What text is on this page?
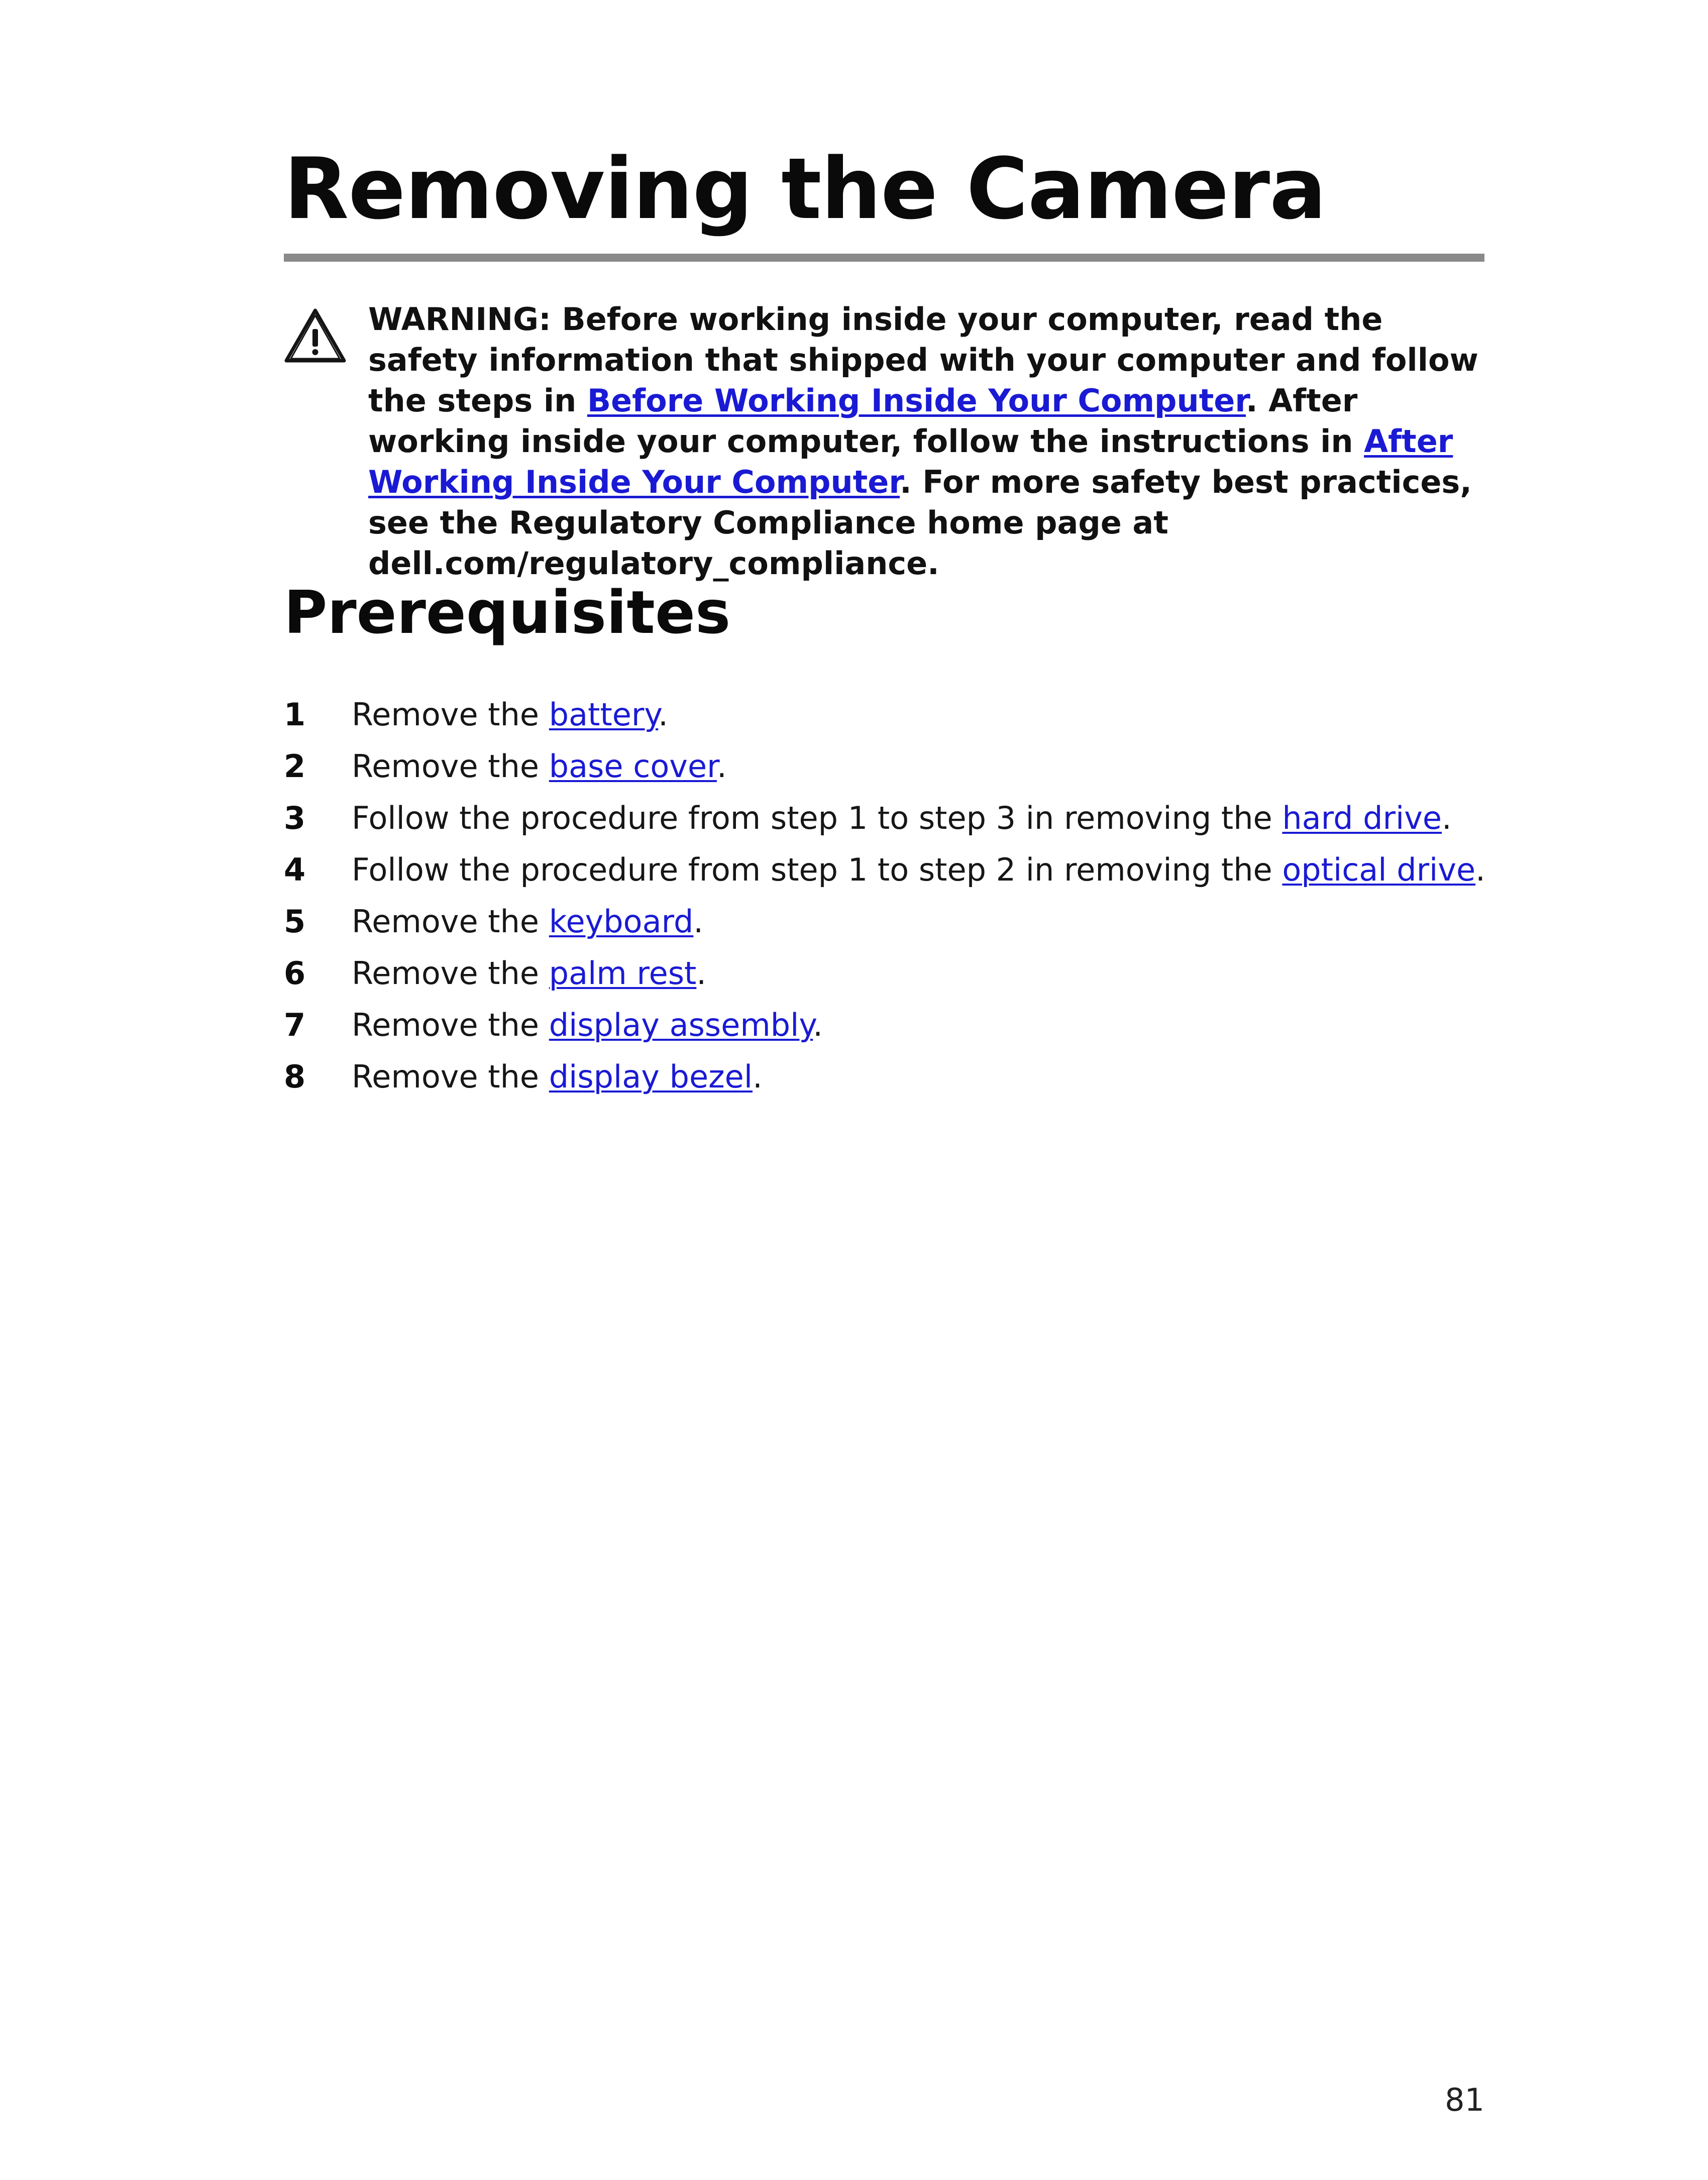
Removing the Camera

WARNING: Before working inside your computer, read the safety information that shipped with your computer and follow the steps in Before Working Inside Your Computer. After working inside your computer, follow the instructions in After Working Inside Your Computer. For more safety best practices, see the Regulatory Compliance home page at dell.com/regulatory_compliance.

Prerequisites
1 Remove the battery.
2 Remove the base cover.
3 Follow the procedure from step 1 to step 3 in removing the hard drive.
4 Follow the procedure from step 1 to step 2 in removing the optical drive.
5 Remove the keyboard.
6 Remove the palm rest.
7 Remove the display assembly.
8 Remove the display bezel.
81
